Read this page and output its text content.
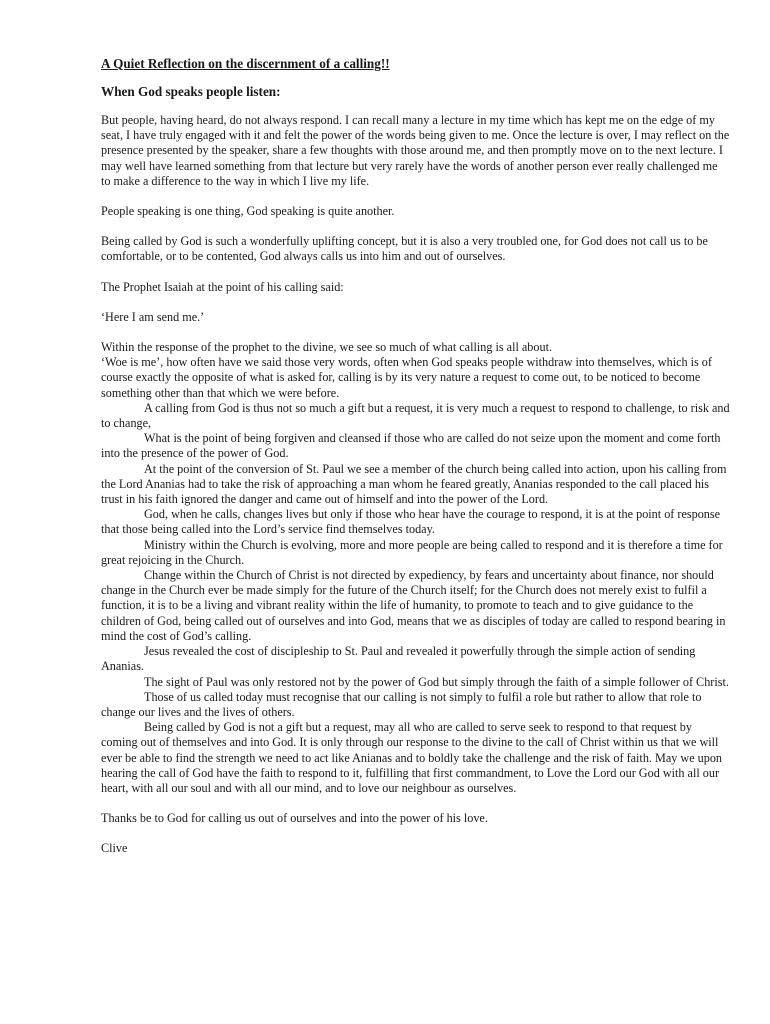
A Quiet Reflection on the discernment of a calling!!
When God speaks people listen:

But people, having heard, do not always respond. I can recall many a lecture in my time which has kept me on the edge of my seat, I have truly engaged with it and felt the power of the words being given to me. Once the lecture is over, I may reflect on the presence presented by the speaker, share a few thoughts with those around me, and then promptly move on to the next lecture. I may well have learned something from that lecture but very rarely have the words of another person ever really challenged me to make a difference to the way in which I live my life.

People speaking is one thing, God speaking is quite another.

Being called by God is such a wonderfully uplifting concept, but it is also a very troubled one, for God does not call us to be comfortable, or to be contented, God always calls us into him and out of ourselves.

The Prophet Isaiah at the point of his calling said:

‘Here I am send me.’

Within the response of the prophet to the divine, we see so much of what calling is all about.

‘Woe is me’, how often have we said those very words, often when God speaks people withdraw into themselves, which is of course exactly the opposite of what is asked for, calling is by its very nature a request to come out, to be noticed to become something other than that which we were before.

A calling from God is thus not so much a gift but a request, it is very much a request to respond to challenge, to risk and to change,

What is the point of being forgiven and cleansed if those who are called do not seize upon the moment and come forth into the presence of the power of God.

At the point of the conversion of St. Paul we see a member of the church being called into action, upon his calling from the Lord Ananias had to take the risk of approaching a man whom he feared greatly, Ananias responded to the call placed his trust in his faith ignored the danger and came out of himself and into the power of the Lord.

God, when he calls, changes lives but only if those who hear have the courage to respond, it is at the point of response that those being called into the Lord’s service find themselves today.

Ministry within the Church is evolving, more and more people are being called to respond and it is therefore a time for great rejoicing in the Church.

Change within the Church of Christ is not directed by expediency, by fears and uncertainty about finance, nor should change in the Church ever be made simply for the future of the Church itself; for the Church does not merely exist to fulfil a function, it is to be a living and vibrant reality within the life of humanity, to promote to teach and to give guidance to the children of God, being called out of ourselves and into God, means that we as disciples of today are called to respond bearing in mind the cost of God’s calling.

Jesus revealed the cost of discipleship to St. Paul and revealed it powerfully through the simple action of sending Ananias.

The sight of Paul was only restored not by the power of God but simply through the faith of a simple follower of Christ.

Those of us called today must recognise that our calling is not simply to fulfil a role but rather to allow that role to change our lives and the lives of others.

Being called by God is not a gift but a request, may all who are called to serve seek to respond to that request by coming out of themselves and into God. It is only through our response to the divine to the call of Christ within us that we will ever be able to find the strength we need to act like Anianas and to boldly take the challenge and the risk of faith. May we upon hearing the call of God have the faith to respond to it, fulfilling that first commandment, to Love the Lord our God with all our heart, with all our soul and with all our mind, and to love our neighbour as ourselves.

Thanks be to God for calling us out of ourselves and into the power of his love.

Clive
